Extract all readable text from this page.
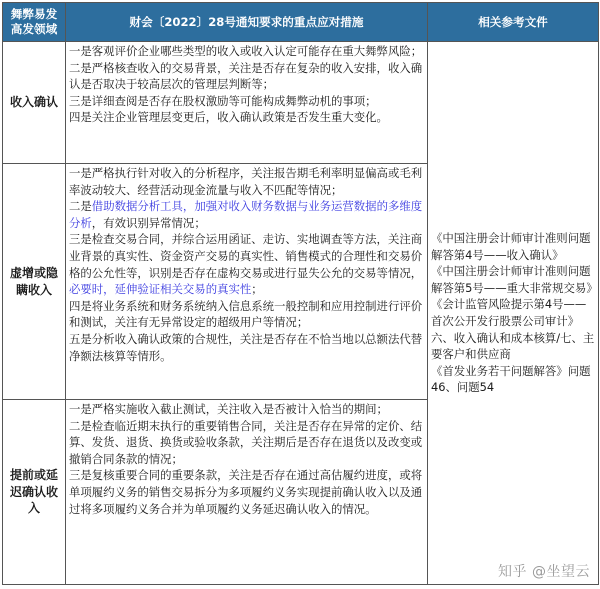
舞弊易发高发领域	财会〔2022〕28号通知要求的重点应对措施	相关参考文件
收入确认	一是客观评价企业哪些类型的收入或收入认定可能存在重大舞弊风险；
二是严格核查收入的交易背景，关注是否存在复杂的收入安排，收入确认是否取决于较高层次的管理层判断等；
三是详细查阅是否存在股权激励等可能构成舞弊动机的事项；
四是关注企业管理层变更后，收入确认政策是否发生重大变化。	《中国注册会计师审计准则问题解答第4号——收入确认》
《中国注册会计师审计准则问题解答第5号——重大非常规交易》
《会计监管风险提示第4号——首次公开发行股票公司审计》六、收入确认和成本核算/七、主要客户和供应商
《首发业务若干问题解答》问题46、问题54

虚增或隐瞒收入	一是严格执行针对收入的分析程序，关注报告期毛利率明显偏高或毛利率波动较大、经营活动现金流量与收入不匹配等情况；
二是借助数据分析工具，加强对收入财务数据与业务运营数据的多维度分析，有效识别异常情况；
三是检查交易合同，并综合运用函证、走访、实地调查等方法，关注商业背景的真实性、资金资产交易的真实性、销售模式的合理性和交易价格的公允性等，识别是否存在虚构交易或进行显失公允的交易等情况，必要时，延伸验证相关交易的真实性；
四是将业务系统和财务系统纳入信息系统一般控制和应用控制进行评价和测试，关注有无异常设定的超级用户等情况；
五是分析收入确认政策的合规性，关注是否存在不恰当地以总额法代替净额法核算等情形。	

提前或延迟确认收入	一是严格实施收入截止测试，关注收入是否被计入恰当的期间；
二是检查临近期末执行的重要销售合同，关注是否存在异常的定价、结算、发货、退货、换货或验收条款，关注期后是否存在退货以及改变或撤销合同条款的情况；
三是复核重要合同的重要条款，关注是否存在通过高估履约进度，或将单项履约义务的销售交易拆分为多项履约义务实现提前确认收入以及通过将多项履约义务合并为单项履约义务延迟确认收入的情况。	
知乎 @坐望云
